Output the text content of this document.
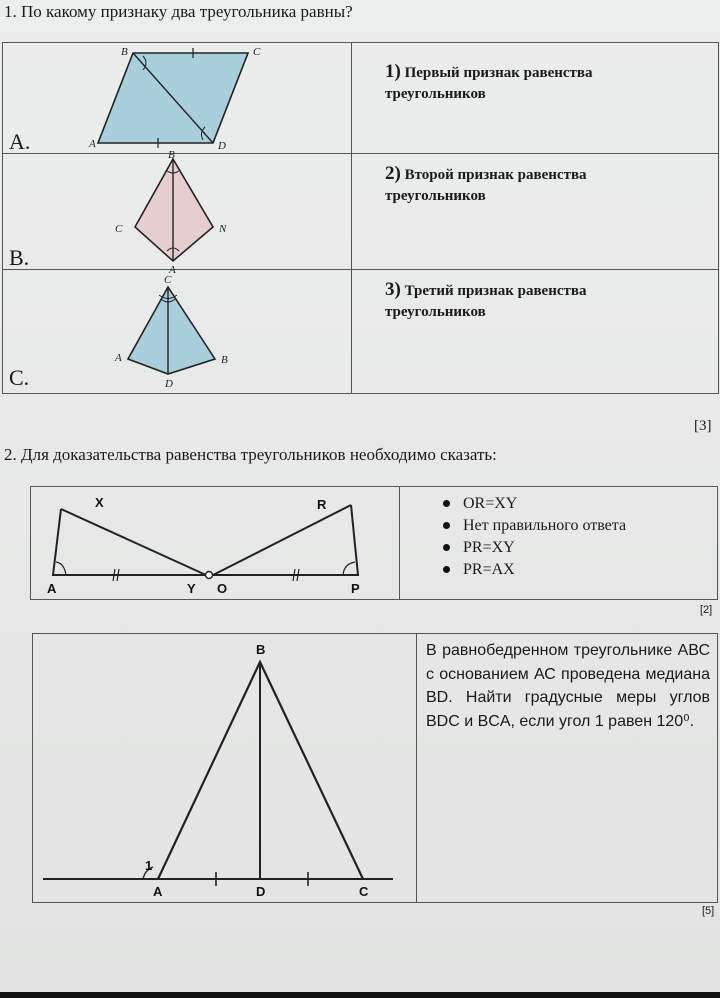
1. По какому признаку два треугольника равны?
A.
B	C
A	D
1) Первый признак равенства треугольников
B.
B
C	N
A
2) Второй признак равенства треугольников
C.
C
A	B
D
3) Третий признак равенства треугольников
[3]
2. Для доказательства равенства треугольников необходимо сказать:
X
A	Y
R
O	P
OR=XY
Нет правильного ответа
PR=XY
PR=AX
[2]
B
A	D	C
1
В равнобедренном треугольнике АВС с основанием АС проведена медиана BD. Найти градусные меры углов BDC и BCA, если угол 1 равен 120⁰.
[5]
